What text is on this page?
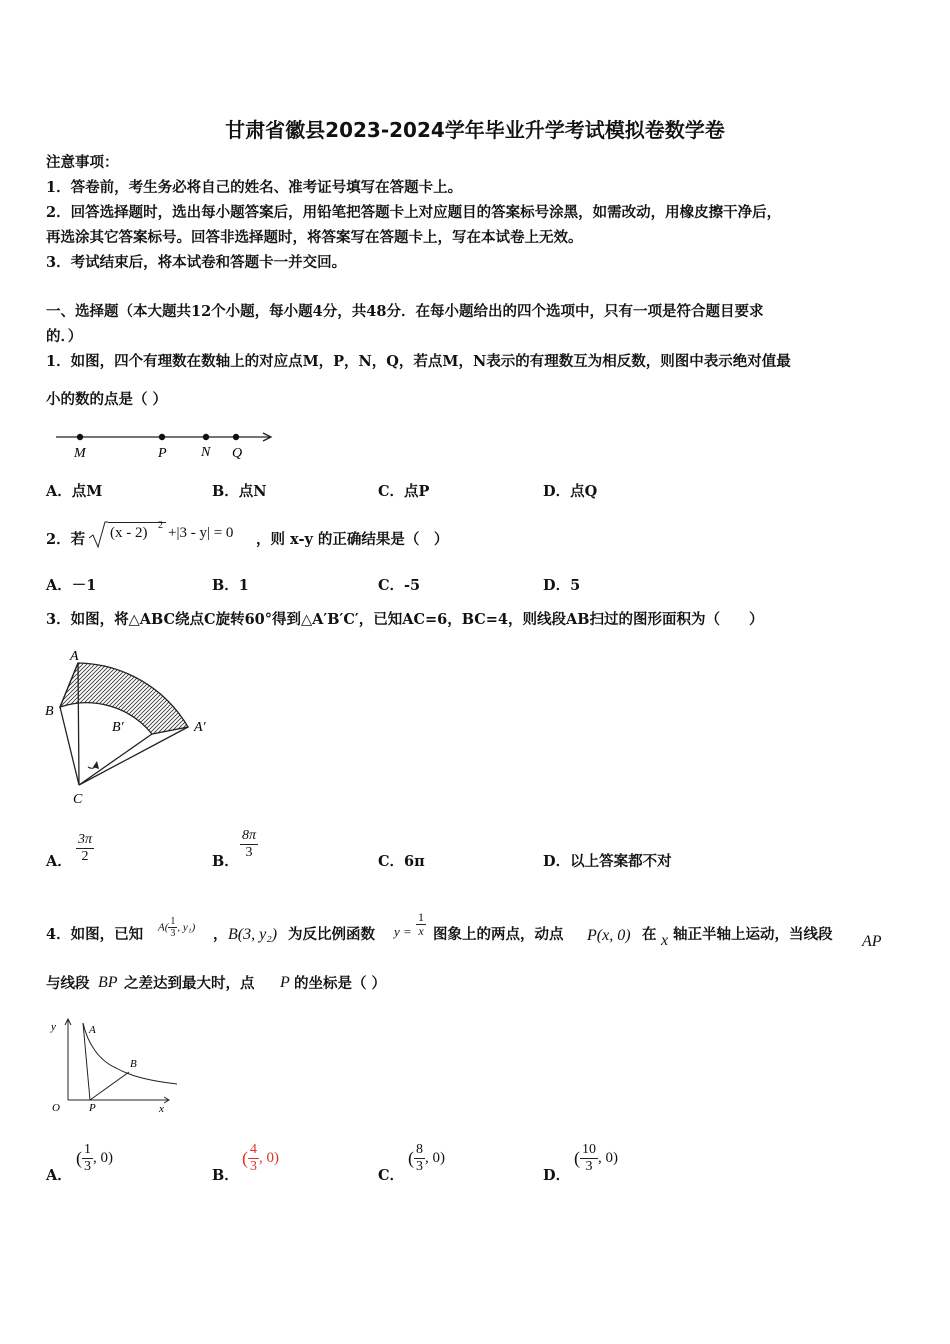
甘肃省徽县2023-2024学年毕业升学考试模拟卷数学卷
注意事项：
1．答卷前，考生务必将自己的姓名、准考证号填写在答题卡上。
2．回答选择题时，选出每小题答案后，用铅笔把答题卡上对应题目的答案标号涂黑，如需改动，用橡皮擦干净后，
再选涂其它答案标号。回答非选择题时，将答案写在答题卡上，写在本试卷上无效。
3．考试结束后，将本试卷和答题卡一并交回。
一、选择题（本大题共12个小题，每小题4分，共48分．在每小题给出的四个选项中，只有一项是符合题目要求
的．）
1．如图，四个有理数在数轴上的对应点M，P，N，Q，若点M，N表示的有理数互为相反数，则图中表示绝对值最
小的数的点是（ ）
M	P N Q
A．点M	B．点N	C．点P	D．点Q
2．若 (x - 2) 2 +|3 - y| = 0 ，则 x-y 的正确结果是（　）
A．－1	B．1	C．-5	D．5
3．如图，将△ABC绕点C旋转60°得到△A′B′C′，已知AC=6，BC=4，则线段AB扫过的图形面积为（　　）
A
B
B′	A′
C
A． $\frac{3\pi}{2}$	B．
$\frac{8\pi}{3}$
C．6π	D．以上答案都不对
4．如图，已知 $A( \frac{1}{3}$ , y₁) ， B(3, y₂) 为反比例函数 $y = \frac{1}{x}$ 图象上的两点，动点 P(x, 0) 在 x 轴正半轴上运动，当线段 AP
与线段 BP 之差达到最大时，点 P 的坐标是（ ）
y	A
B
O	P	x
A．
( $\frac{1}{3}$ , 0)
B．
( $\frac{4}{3}$ , 0)
C．
( $\frac{8}{3}$ , 0)
D．
( $\frac{10}{3}$ , 0)
